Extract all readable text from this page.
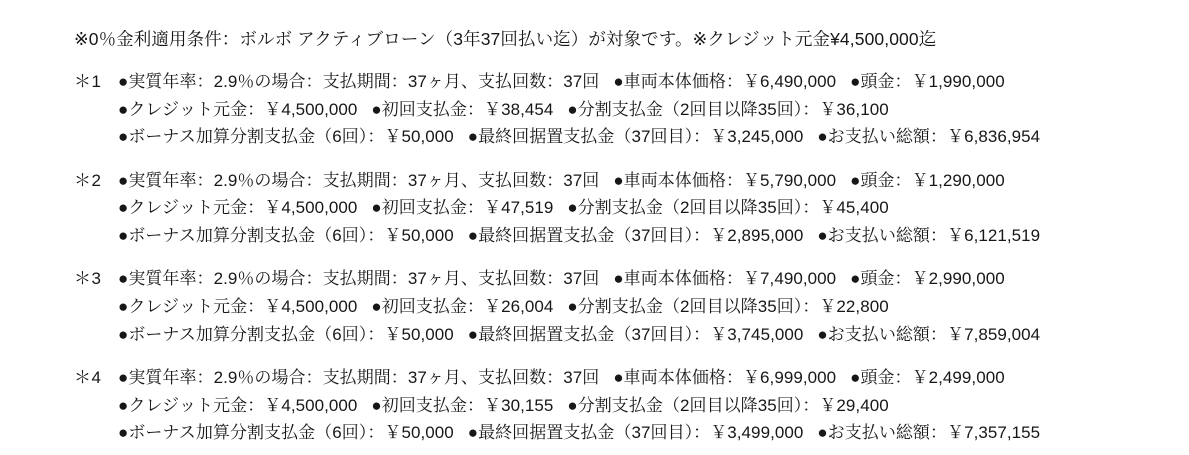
※0％金利適用条件：ボルボ アクティブローン（3年37回払い迄）が対象です。※クレジット元金¥4,500,000迄
＊1 ●実質年率：2.9％の場合：支払期間：37ヶ月、支払回数：37回 ●車両本体価格：￥6,490,000 ●頭金：￥1,990,000
●クレジット元金：￥4,500,000 ●初回支払金：￥38,454 ●分割支払金（2回目以降35回）：￥36,100
●ボーナス加算分割支払金（6回）：￥50,000 ●最終回据置支払金（37回目）：￥3,245,000 ●お支払い総額：￥6,836,954
＊2 ●実質年率：2.9％の場合：支払期間：37ヶ月、支払回数：37回 ●車両本体価格：￥5,790,000 ●頭金：￥1,290,000
●クレジット元金：￥4,500,000 ●初回支払金：￥47,519 ●分割支払金（2回目以降35回）：￥45,400
●ボーナス加算分割支払金（6回）：￥50,000 ●最終回据置支払金（37回目）：￥2,895,000 ●お支払い総額：￥6,121,519
＊3 ●実質年率：2.9％の場合：支払期間：37ヶ月、支払回数：37回 ●車両本体価格：￥7,490,000 ●頭金：￥2,990,000
●クレジット元金：￥4,500,000 ●初回支払金：￥26,004 ●分割支払金（2回目以降35回）：￥22,800
●ボーナス加算分割支払金（6回）：￥50,000 ●最終回据置支払金（37回目）：￥3,745,000 ●お支払い総額：￥7,859,004
＊4 ●実質年率：2.9％の場合：支払期間：37ヶ月、支払回数：37回 ●車両本体価格：￥6,999,000 ●頭金：￥2,499,000
●クレジット元金：￥4,500,000 ●初回支払金：￥30,155 ●分割支払金（2回目以降35回）：￥29,400
●ボーナス加算分割支払金（6回）：￥50,000 ●最終回据置支払金（37回目）：￥3,499,000 ●お支払い総額：￥7,357,155
